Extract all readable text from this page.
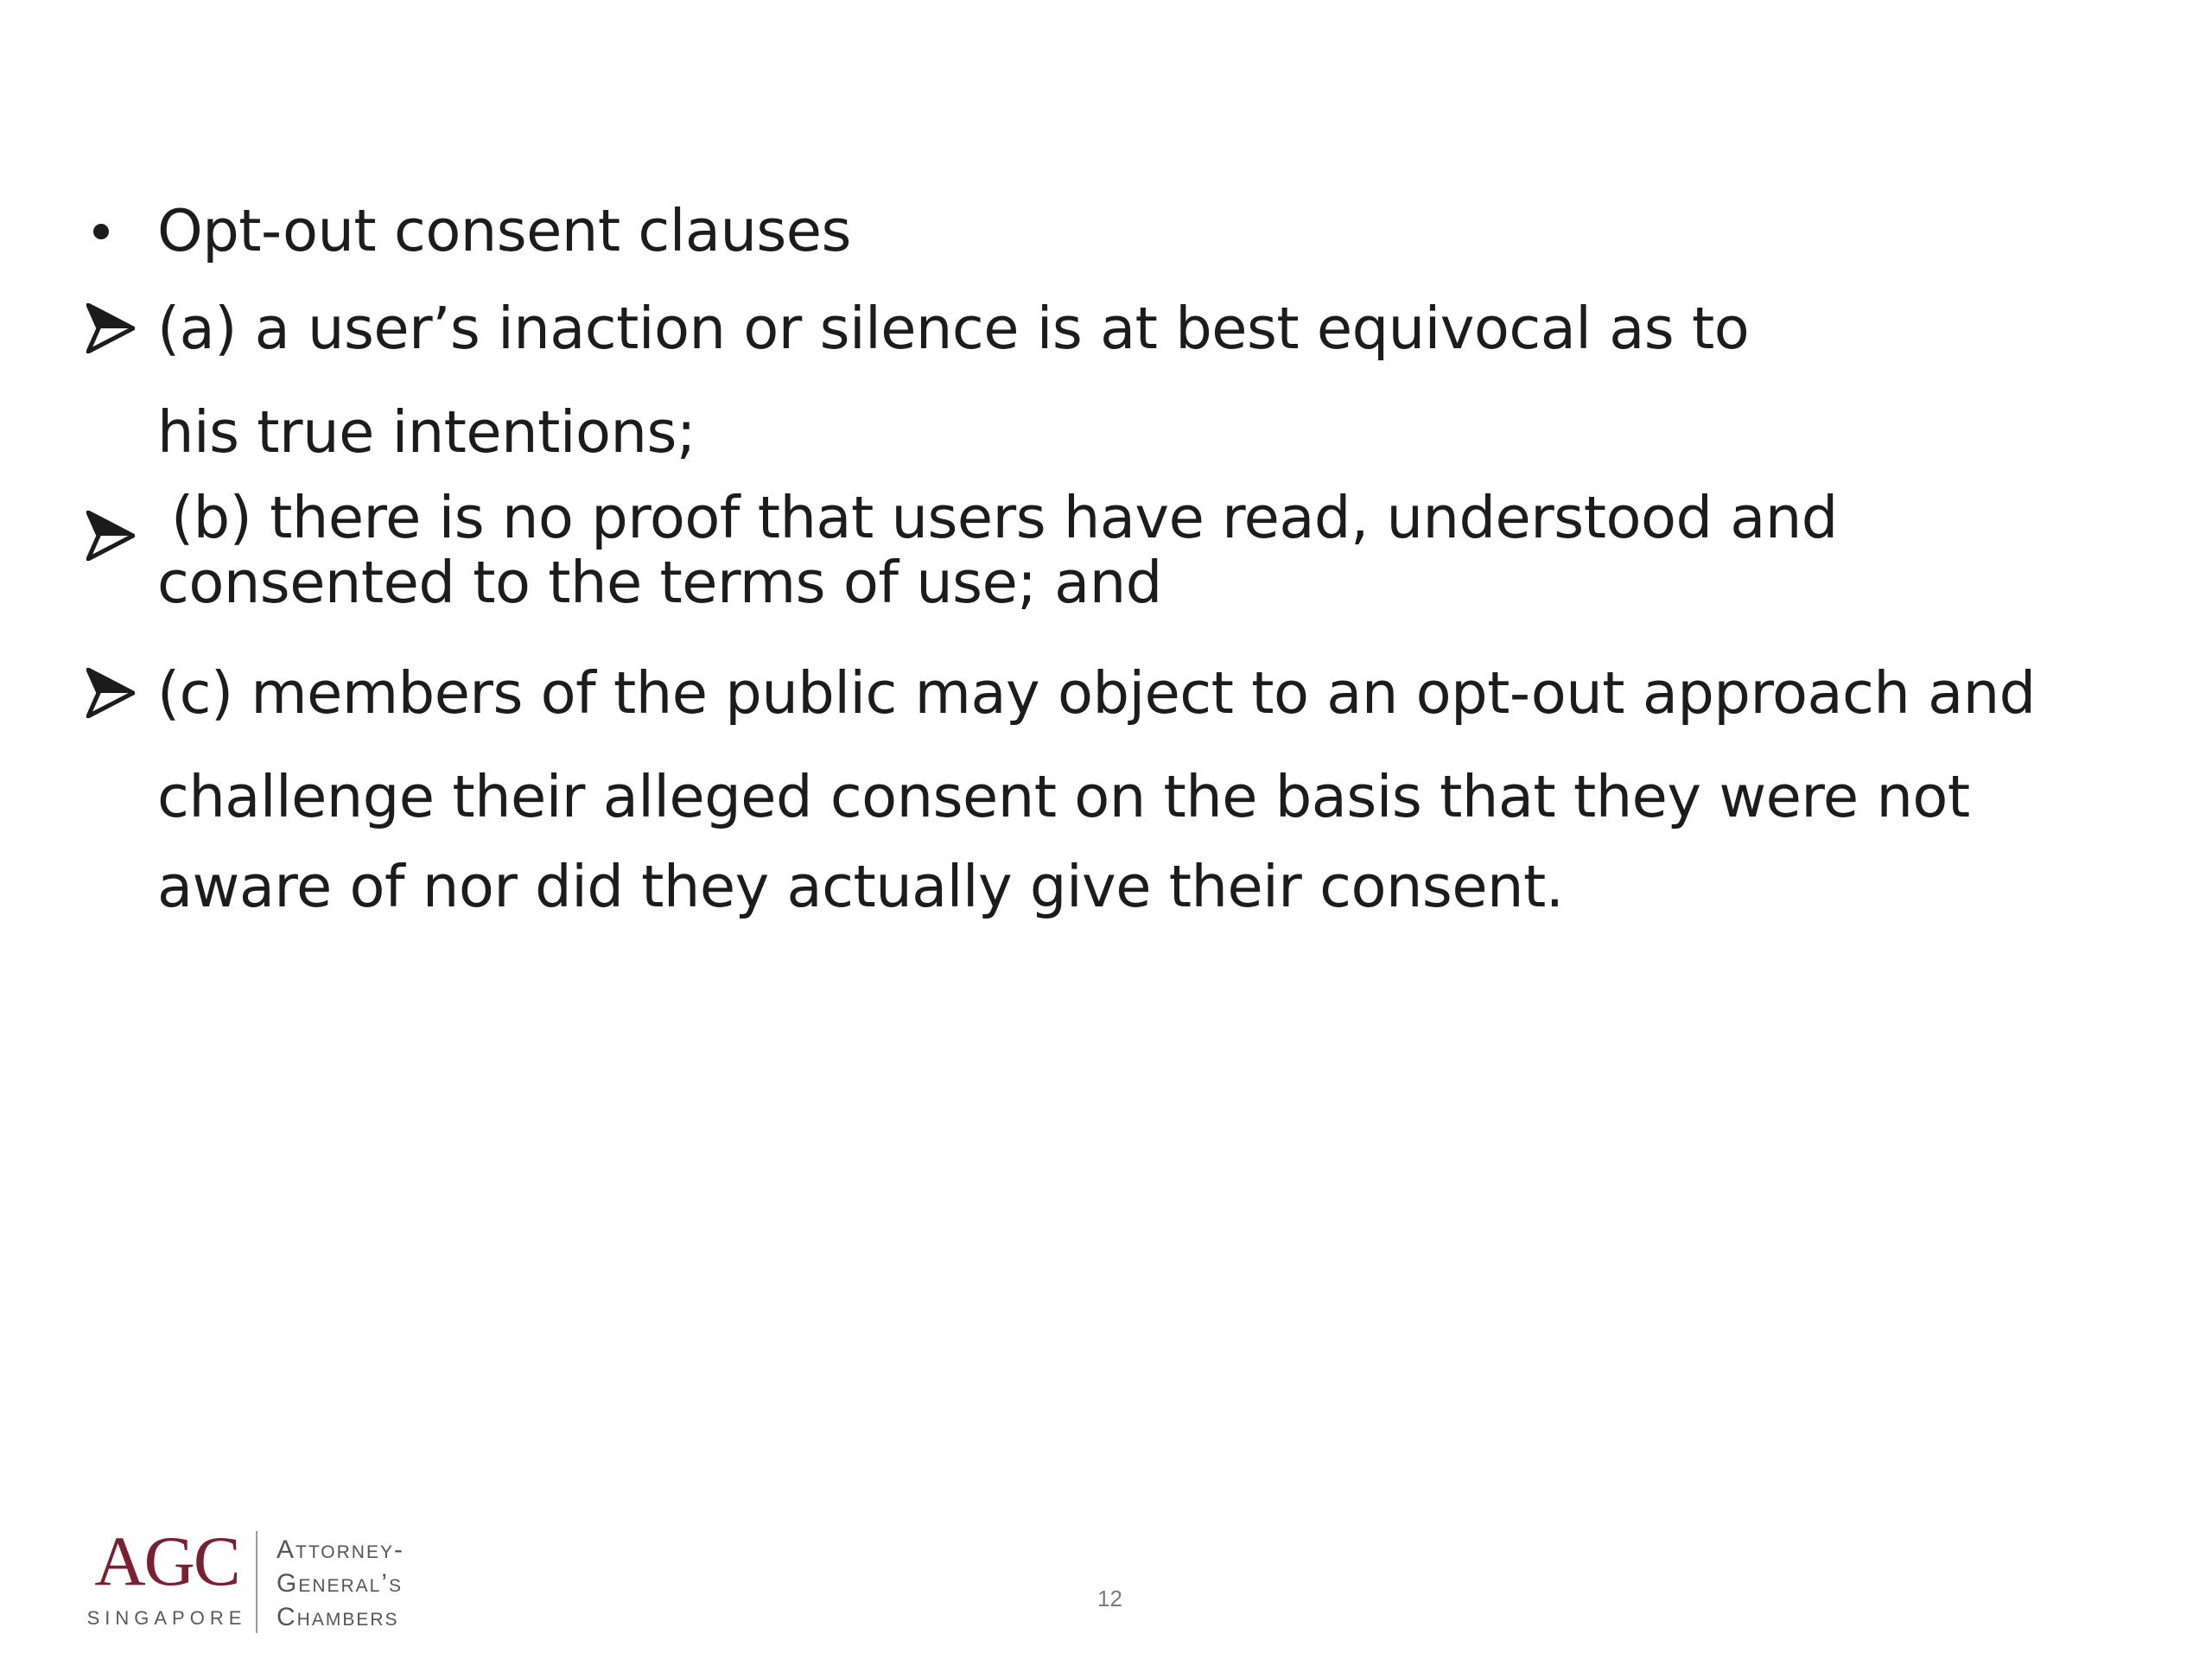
Opt-out consent clauses
(a) a user’s inaction or silence is at best equivocal as to
his true intentions;
(b) there is no proof that users have read, understood and
consented to the terms of use; and
(c) members of the public may object to an opt-out approach and
challenge their alleged consent on the basis that they were not
aware of nor did they actually give their consent.
AGC
SINGAPORE
Attorney-
General’s
Chambers
12
